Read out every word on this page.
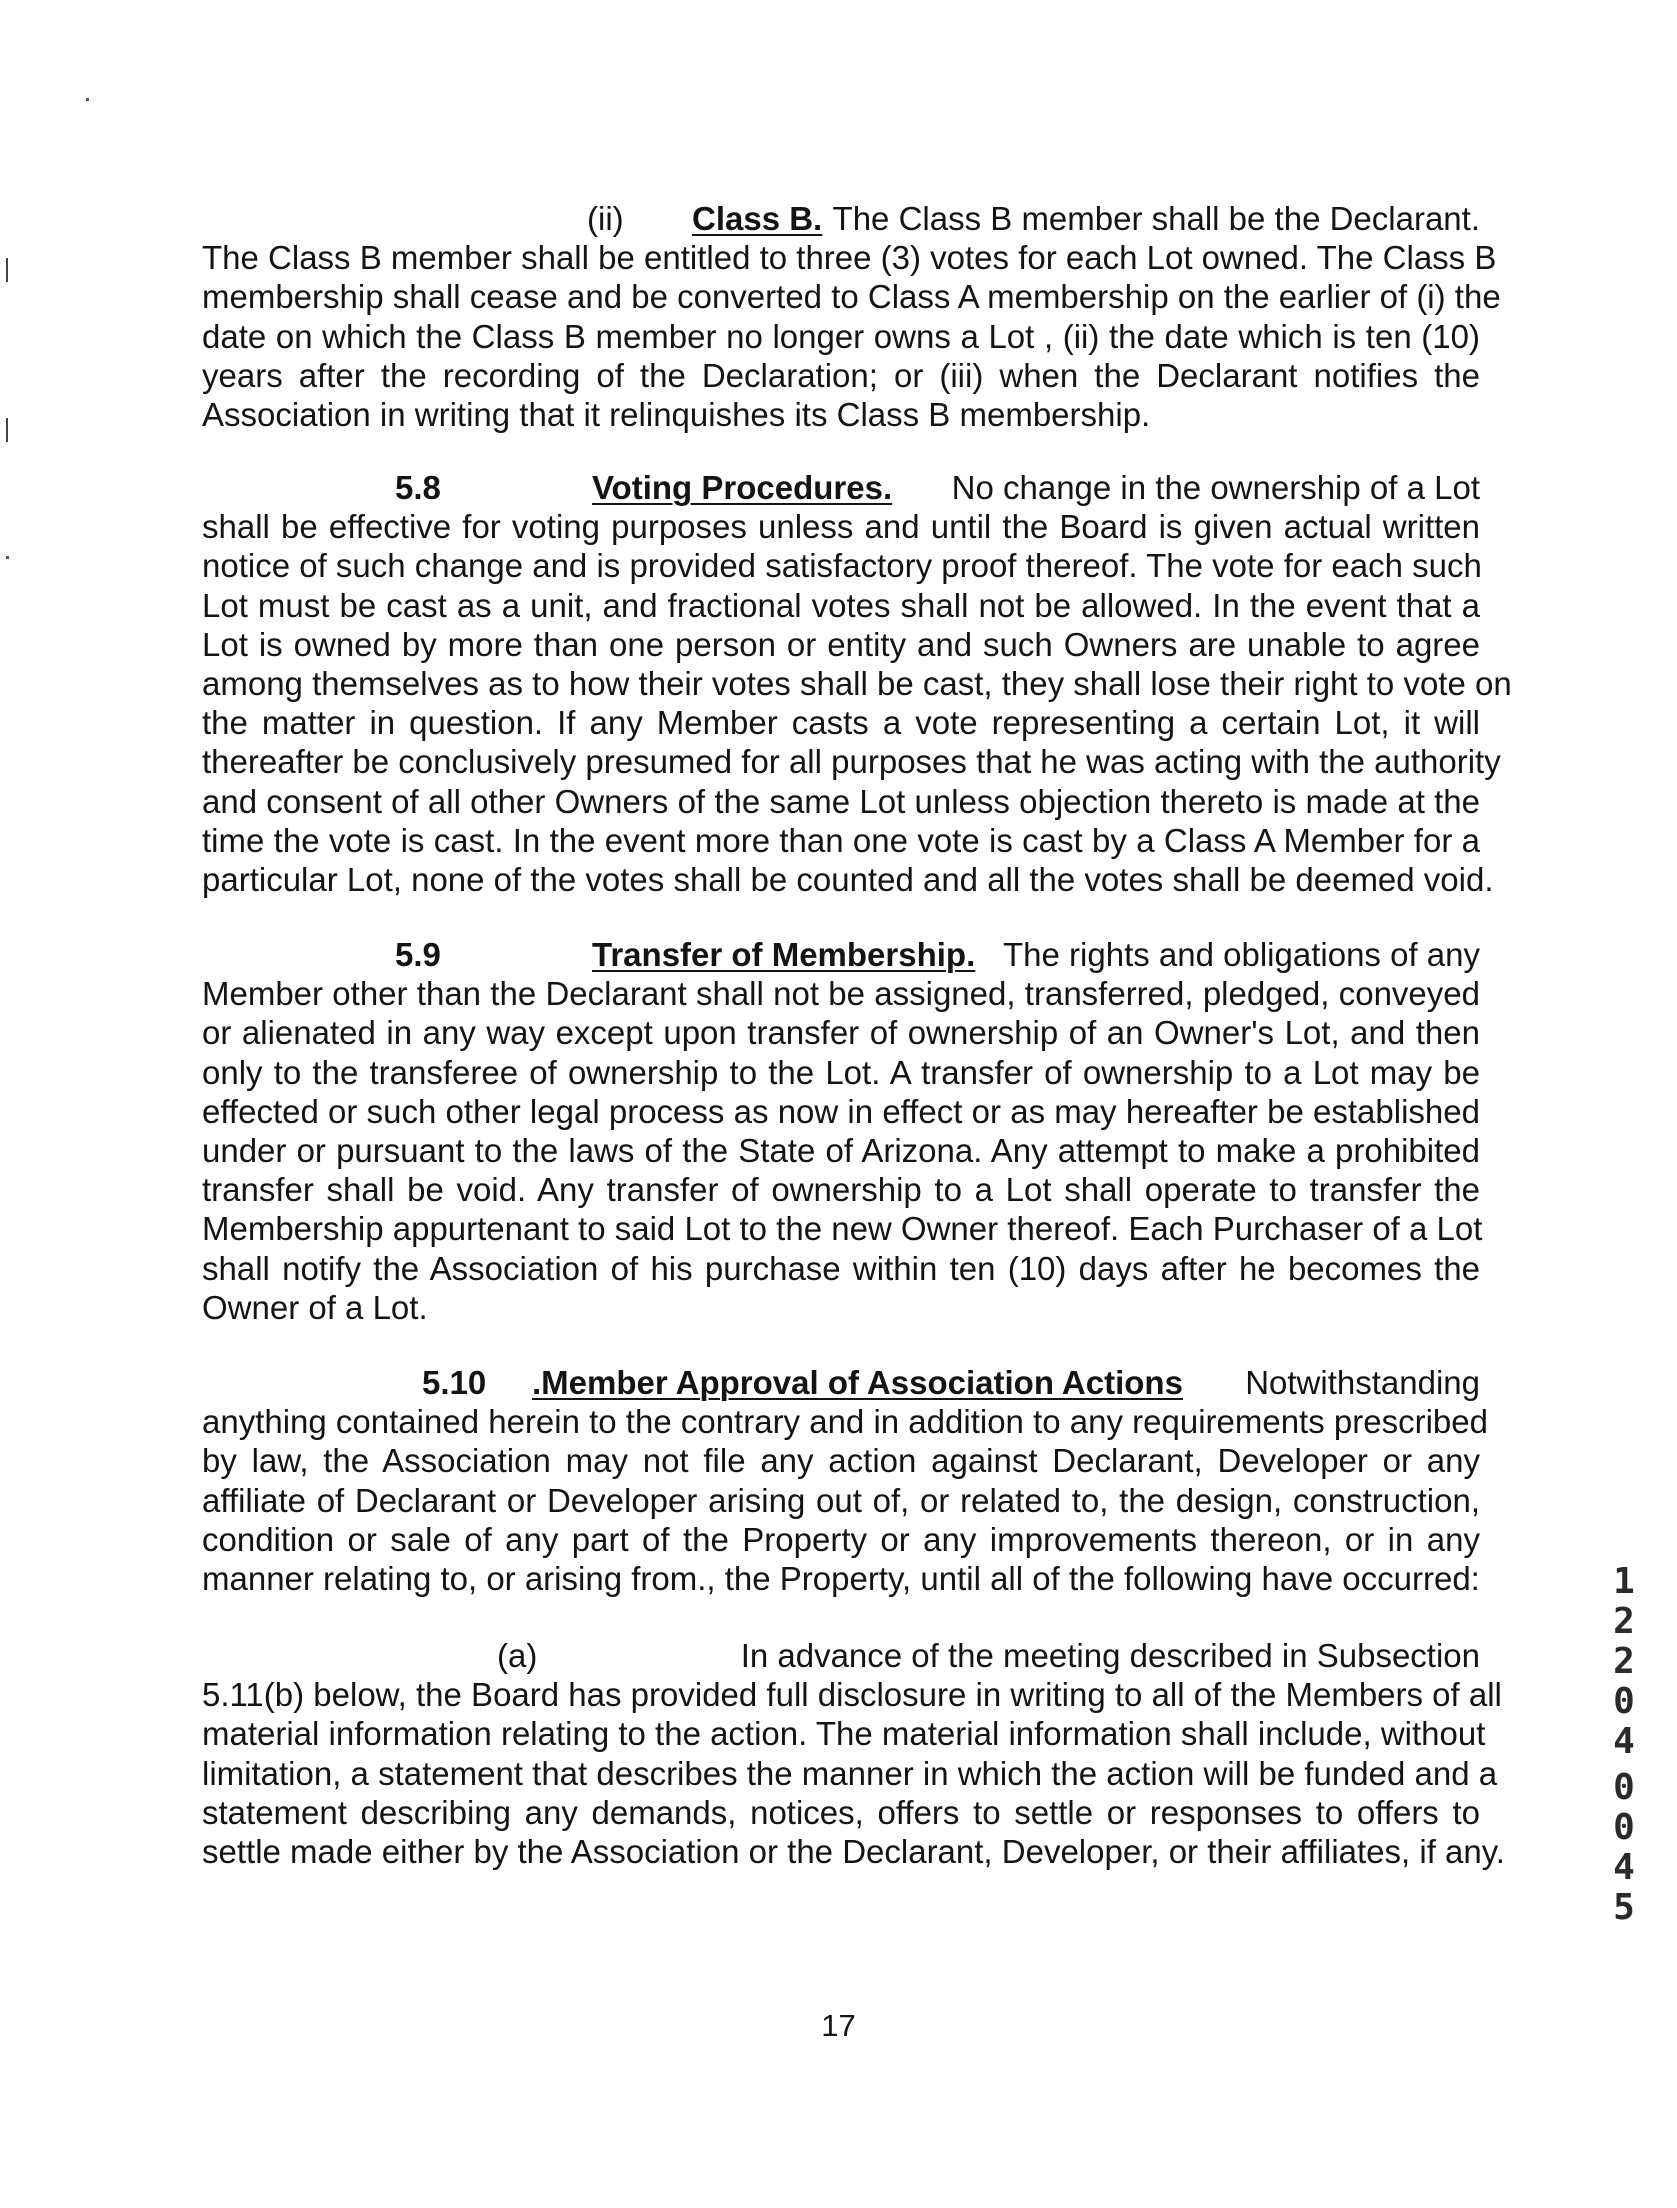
(ii) Class B. The Class B member shall be the Declarant.

The Class B member shall be entitled to three (3) votes for each Lot owned. The Class B
membership shall cease and be converted to Class A membership on the earlier of (i) the
date on which the Class B member no longer owns a Lot , (ii) the date which is ten (10)
years after the recording of the Declaration; or (iii) when the Declarant notifies the
Association in writing that it relinquishes its Class B membership.
5.8	Voting Procedures. No change in the ownership of a Lot

shall be effective for voting purposes unless and until the Board is given actual written
notice of such change and is provided satisfactory proof thereof. The vote for each such
Lot must be cast as a unit, and fractional votes shall not be allowed. In the event that a
Lot is owned by more than one person or entity and such Owners are unable to agree
among themselves as to how their votes shall be cast, they shall lose their right to vote on
the matter in question. If any Member casts a vote representing a certain Lot, it will
thereafter be conclusively presumed for all purposes that he was acting with the authority
and consent of all other Owners of the same Lot unless objection thereto is made at the
time the vote is cast. In the event more than one vote is cast by a Class A Member for a
particular Lot, none of the votes shall be counted and all the votes shall be deemed void.
5.9	Transfer of Membership. The rights and obligations of any

Member other than the Declarant shall not be assigned, transferred, pledged, conveyed
or alienated in any way except upon transfer of ownership of an Owner's Lot, and then
only to the transferee of ownership to the Lot. A transfer of ownership to a Lot may be
effected or such other legal process as now in effect or as may hereafter be established
under or pursuant to the laws of the State of Arizona. Any attempt to make a prohibited
transfer shall be void. Any transfer of ownership to a Lot shall operate to transfer the
Membership appurtenant to said Lot to the new Owner thereof. Each Purchaser of a Lot
shall notify the Association of his purchase within ten (10) days after he becomes the
Owner of a Lot.
5.10 .Member Approval of Association Actions Notwithstanding

anything contained herein to the contrary and in addition to any requirements prescribed
by law, the Association may not file any action against Declarant, Developer or any
affiliate of Declarant or Developer arising out of, or related to, the design, construction,
condition or sale of any part of the Property or any improvements thereon, or in any
manner relating to, or arising from., the Property, until all of the following have occurred:
(a)	In advance of the meeting described in Subsection

5.11(b) below, the Board has provided full disclosure in writing to all of the Members of all
material information relating to the action. The material information shall include, without
limitation, a statement that describes the manner in which the action will be funded and a
statement describing any demands, notices, offers to settle or responses to offers to
settle made either by the Association or the Declarant, Developer, or their affiliates, if any.
1
2
2
0
4
0
0
4
5
17
